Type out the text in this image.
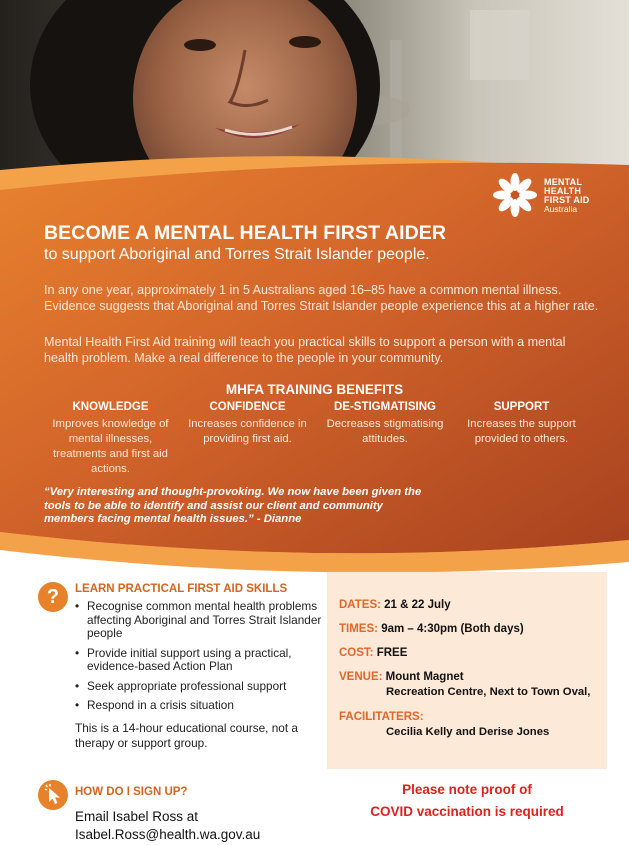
MENTAL
HEALTH
FIRST AID
Australia
BECOME A MENTAL HEALTH FIRST AIDER
to support Aboriginal and Torres Strait Islander people.

In any one year, approximately 1 in 5 Australians aged 16–85 have a common mental illness. Evidence suggests that Aboriginal and Torres Strait Islander people experience this at a higher rate.

Mental Health First Aid training will teach you practical skills to support a person with a mental health problem. Make a real difference to the people in your community.

MHFA TRAINING BENEFITS
KNOWLEDGE
Improves knowledge of mental illnesses, treatments and first aid actions.
CONFIDENCE
Increases confidence in providing first aid.
DE-STIGMATISING
Decreases stigmatising attitudes.
SUPPORT
Increases the support provided to others.
“Very interesting and thought-provoking. We now have been given the tools to be able to identify and assist our client and community members facing mental health issues.” - Dianne
?	LEARN PRACTICAL FIRST AID SKILLS
• Recognise common mental health problems affecting Aboriginal and Torres Strait Islander people
• Provide initial support using a practical, evidence-based Action Plan
• Seek appropriate professional support
• Respond in a crisis situation

This is a 14-hour educational course, not a therapy or support group.

DATES: 21 & 22 July
TIMES: 9am – 4:30pm (Both days)
COST: FREE
VENUE: Mount Magnet
Recreation Centre, Next to Town Oval,
FACILITATERS:
Cecilia Kelly and Derise Jones
HOW DO I SIGN UP?
Email Isabel Ross at
Isabel.Ross@health.wa.gov.au
Please note proof of
COVID vaccination is required
